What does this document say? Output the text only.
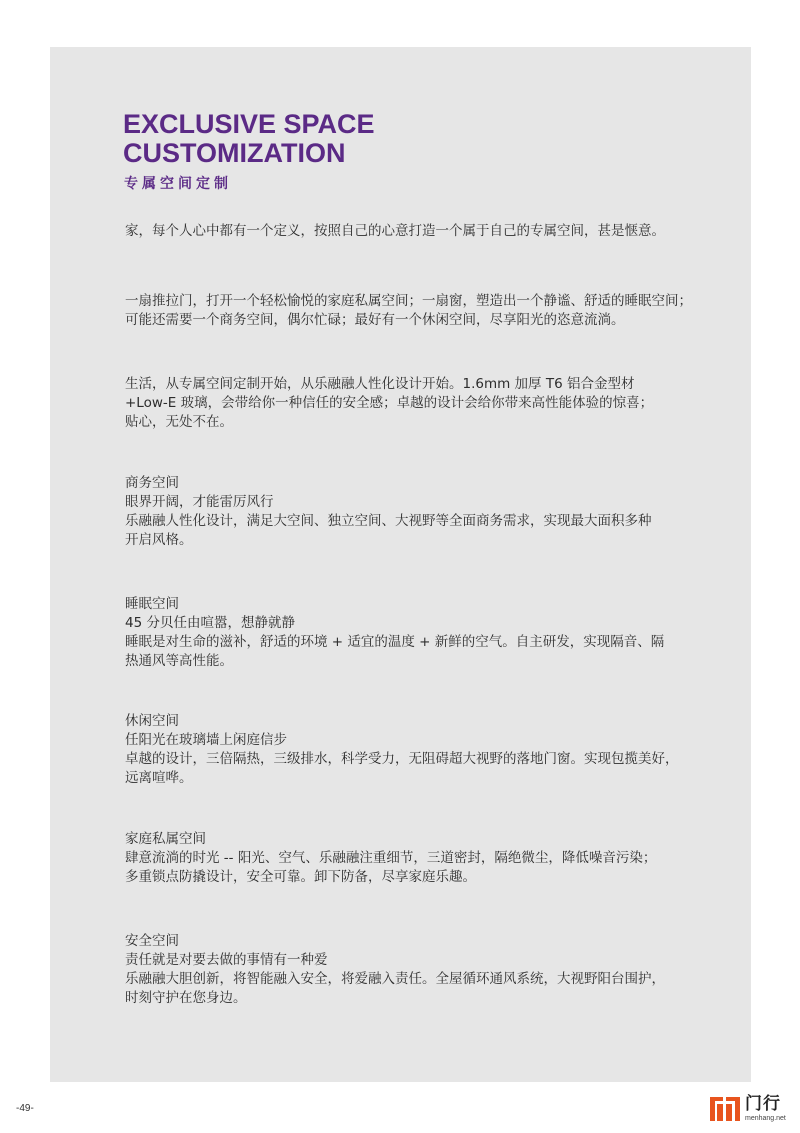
EXCLUSIVE SPACE
CUSTOMIZATION
专属空间定制

家，每个人心中都有一个定义，按照自己的心意打造一个属于自己的专属空间，甚是惬意。

一扇推拉门，打开一个轻松愉悦的家庭私属空间；一扇窗，塑造出一个静谧、舒适的睡眠空间；

可能还需要一个商务空间，偶尔忙碌；最好有一个休闲空间，尽享阳光的恣意流淌。

生活，从专属空间定制开始，从乐融融人性化设计开始。1.6mm 加厚 T6 铝合金型材

+Low-E 玻璃，会带给你一种信任的安全感；卓越的设计会给你带来高性能体验的惊喜；

贴心，无处不在。

商务空间

眼界开阔，才能雷厉风行

乐融融人性化设计，满足大空间、独立空间、大视野等全面商务需求，实现最大面积多种

开启风格。

睡眠空间

45 分贝任由喧嚣，想静就静

睡眠是对生命的滋补，舒适的环境 + 适宜的温度 + 新鲜的空气。自主研发，实现隔音、隔

热通风等高性能。

休闲空间

任阳光在玻璃墙上闲庭信步

卓越的设计，三倍隔热，三级排水，科学受力，无阻碍超大视野的落地门窗。实现包揽美好，

远离喧哗。

家庭私属空间

肆意流淌的时光 -- 阳光、空气、乐融融注重细节，三道密封，隔绝微尘，降低噪音污染；

多重锁点防撬设计，安全可靠。卸下防备，尽享家庭乐趣。

安全空间

责任就是对要去做的事情有一种爱

乐融融大胆创新，将智能融入安全，将爱融入责任。全屋循环通风系统，大视野阳台围护，

时刻守护在您身边。

-49-	门行
menhang.net
